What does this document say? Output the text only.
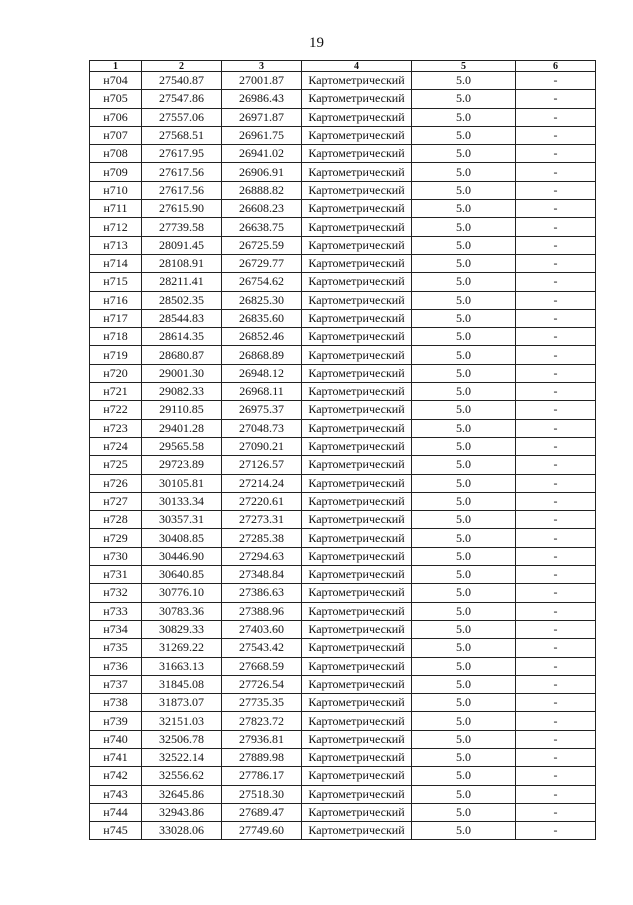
19
1	2	3	4	5	6
н704	27540.87	27001.87	Картометрический	5.0	-
н705	27547.86	26986.43	Картометрический	5.0	-
н706	27557.06	26971.87	Картометрический	5.0	-
н707	27568.51	26961.75	Картометрический	5.0	-
н708	27617.95	26941.02	Картометрический	5.0	-
н709	27617.56	26906.91	Картометрический	5.0	-
н710	27617.56	26888.82	Картометрический	5.0	-
н711	27615.90	26608.23	Картометрический	5.0	-
н712	27739.58	26638.75	Картометрический	5.0	-
н713	28091.45	26725.59	Картометрический	5.0	-
н714	28108.91	26729.77	Картометрический	5.0	-
н715	28211.41	26754.62	Картометрический	5.0	-
н716	28502.35	26825.30	Картометрический	5.0	-
н717	28544.83	26835.60	Картометрический	5.0	-
н718	28614.35	26852.46	Картометрический	5.0	-
н719	28680.87	26868.89	Картометрический	5.0	-
н720	29001.30	26948.12	Картометрический	5.0	-
н721	29082.33	26968.11	Картометрический	5.0	-
н722	29110.85	26975.37	Картометрический	5.0	-
н723	29401.28	27048.73	Картометрический	5.0	-
н724	29565.58	27090.21	Картометрический	5.0	-
н725	29723.89	27126.57	Картометрический	5.0	-
н726	30105.81	27214.24	Картометрический	5.0	-
н727	30133.34	27220.61	Картометрический	5.0	-
н728	30357.31	27273.31	Картометрический	5.0	-
н729	30408.85	27285.38	Картометрический	5.0	-
н730	30446.90	27294.63	Картометрический	5.0	-
н731	30640.85	27348.84	Картометрический	5.0	-
н732	30776.10	27386.63	Картометрический	5.0	-
н733	30783.36	27388.96	Картометрический	5.0	-
н734	30829.33	27403.60	Картометрический	5.0	-
н735	31269.22	27543.42	Картометрический	5.0	-
н736	31663.13	27668.59	Картометрический	5.0	-
н737	31845.08	27726.54	Картометрический	5.0	-
н738	31873.07	27735.35	Картометрический	5.0	-
н739	32151.03	27823.72	Картометрический	5.0	-
н740	32506.78	27936.81	Картометрический	5.0	-
н741	32522.14	27889.98	Картометрический	5.0	-
н742	32556.62	27786.17	Картометрический	5.0	-
н743	32645.86	27518.30	Картометрический	5.0	-
н744	32943.86	27689.47	Картометрический	5.0	-
н745	33028.06	27749.60	Картометрический	5.0	-
